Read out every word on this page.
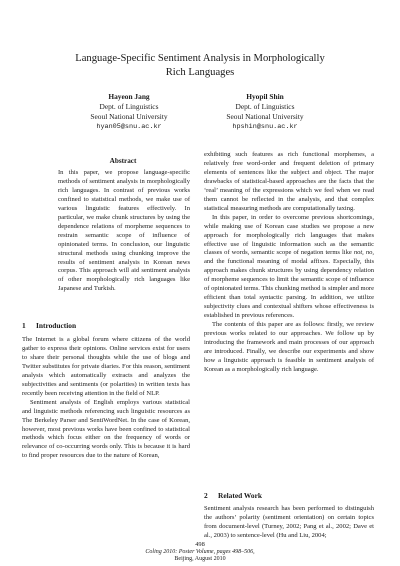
Language-Specific Sentiment Analysis in Morphologically
Rich Languages
Hayeon Jang
Dept. of Linguistics
Seoul National University
hyan05@snu.ac.kr
Hyopil Shin
Dept. of Linguistics
Seoul National University
hpshin@snu.ac.kr
Abstract
In this paper, we propose language-specific methods of sentiment analysis in morphologically rich languages. In contrast of previous works confined to statistical methods, we make use of various linguistic features effectively. In particular, we make chunk structures by using the dependence relations of morpheme sequences to restrain semantic scope of influence of opinionated terms. In conclusion, our linguistic structural methods using chunking improve the results of sentiment analysis in Korean news corpus. This approach will aid sentiment analysis of other morphologically rich languages like Japanese and Turkish.
1 Introduction

The Internet is a global forum where citizens of the world gather to express their opinions. Online services exist for users to share their personal thoughts while the use of blogs and Twitter substitutes for private diaries. For this reason, sentiment analysis which automatically extracts and analyzes the subjectivities and sentiments (or polarities) in written texts has recently been receiving attention in the field of NLP.

Sentiment analysis of English employs various statistical and linguistic methods referencing such linguistic resources as The Berkeley Parser and SentiWordNet. In the case of Korean, however, most previous works have been confined to statistical methods which focus either on the frequency of words or relevance of co-occurring words only. This is because it is hard to find proper resources due to the nature of Korean,

exhibiting such features as rich functional morphemes, a relatively free word-order and frequent deletion of primary elements of sentences like the subject and object. The major drawbacks of statistical-based approaches are the facts that the ‘real’ meaning of the expressions which we feel when we read them cannot be reflected in the analysis, and that complex statistical measuring methods are computationally taxing.

In this paper, in order to overcome previous shortcomings, while making use of Korean case studies we propose a new approach for morphologically rich languages that makes effective use of linguistic information such as the semantic classes of words, semantic scope of negation terms like not, no, and the functional meaning of modal affixes. Especially, this approach makes chunk structures by using dependency relation of morpheme sequences to limit the semantic scope of influence of opinionated terms. This chunking method is simpler and more efficient than total syntactic parsing. In addition, we utilize subjectivity clues and contextual shifters whose effectiveness is established in previous references.

The contents of this paper are as follows: firstly, we review previous works related to our approaches. We follow up by introducing the framework and main processes of our approach are introduced. Finally, we describe our experiments and show how a linguistic approach is feasible in sentiment analysis of Korean as a morphologically rich language.

2 Related Work

Sentiment analysis research has been performed to distinguish the authors’ polarity (sentiment orientation) on certain topics from document-level (Turney, 2002; Pang et al., 2002; Dave et al., 2003) to sentence-level (Hu and Liu, 2004;

498
Coling 2010: Poster Volume, pages 498–506,
Beijing, August 2010
